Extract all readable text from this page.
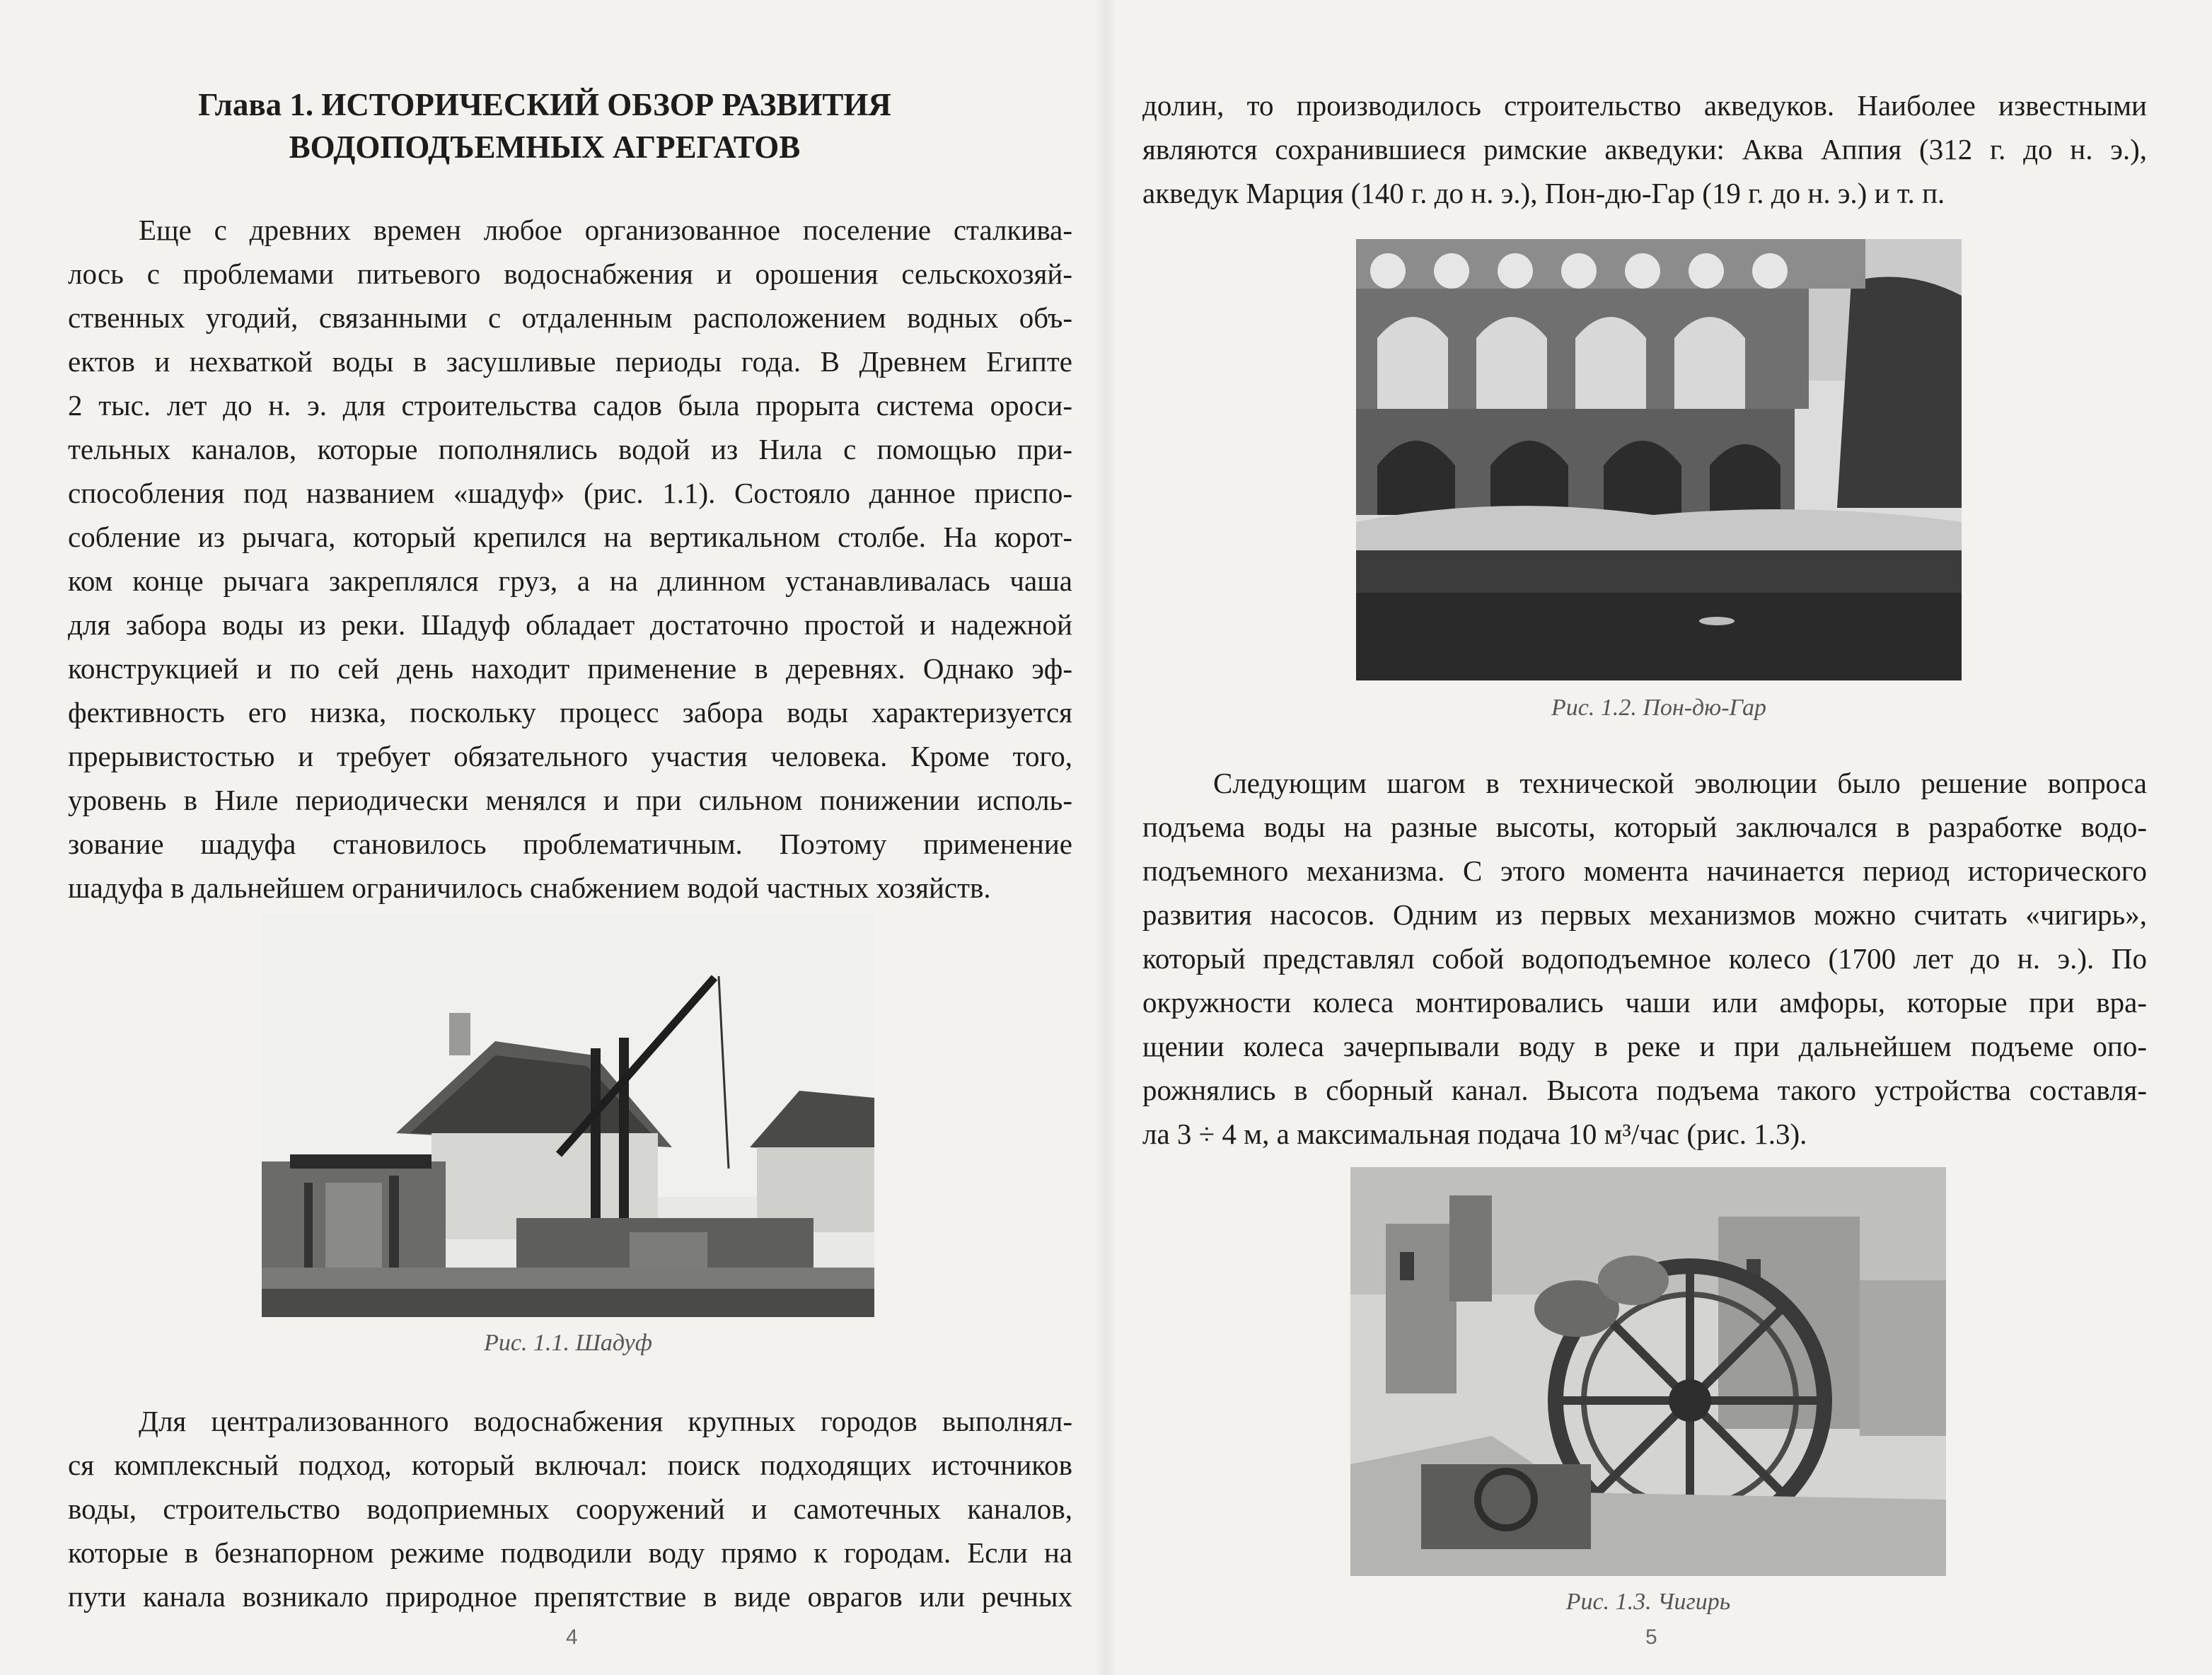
Глава 1. ИСТОРИЧЕСКИЙ ОБЗОР РАЗВИТИЯ
ВОДОПОДЪЕМНЫХ АГРЕГАТОВ
Еще с древних времен любое организованное поселение сталкива-
лось с проблемами питьевого водоснабжения и орошения сельскохозяй-
ственных угодий, связанными с отдаленным расположением водных объ-
ектов и нехваткой воды в засушливые периоды года. В Древнем Египте
2 тыс. лет до н. э. для строительства садов была прорыта система ороси-
тельных каналов, которые пополнялись водой из Нила с помощью при-
способления под названием «шадуф» (рис. 1.1). Состояло данное приспо-
собление из рычага, который крепился на вертикальном столбе. На корот-
ком конце рычага закреплялся груз, а на длинном устанавливалась чаша
для забора воды из реки. Шадуф обладает достаточно простой и надежной
конструкцией и по сей день находит применение в деревнях. Однако эф-
фективность его низка, поскольку процесс забора воды характеризуется
прерывистостью и требует обязательного участия человека. Кроме того,
уровень в Ниле периодически менялся и при сильном понижении исполь-
зование шадуфа становилось проблематичным. Поэтому применение
шадуфа в дальнейшем ограничилось снабжением водой частных хозяйств.

Рис. 1.1. Шадуф

Для централизованного водоснабжения крупных городов выполнял-
ся комплексный подход, который включал: поиск подходящих источников
воды, строительство водоприемных сооружений и самотечных каналов,
которые в безнапорном режиме подводили воду прямо к городам. Если на
пути канала возникало природное препятствие в виде оврагов или речных
4
долин, то производилось строительство акведуков. Наиболее известными
являются сохранившиеся римские акведуки: Аква Аппия (312 г. до н. э.),
акведук Марция (140 г. до н. э.), Пон-дю-Гар (19 г. до н. э.) и т. п.

Рис. 1.2. Пон-дю-Гар

Следующим шагом в технической эволюции было решение вопроса
подъема воды на разные высоты, который заключался в разработке водо-
подъемного механизма. С этого момента начинается период исторического
развития насосов. Одним из первых механизмов можно считать «чигирь»,
который представлял собой водоподъемное колесо (1700 лет до н. э.). По
окружности колеса монтировались чаши или амфоры, которые при вра-
щении колеса зачерпывали воду в реке и при дальнейшем подъеме опо-
рожнялись в сборный канал. Высота подъема такого устройства составля-
ла 3 ÷ 4 м, а максимальная подача 10 м³/час (рис. 1.3).

Рис. 1.3. Чигирь

5
